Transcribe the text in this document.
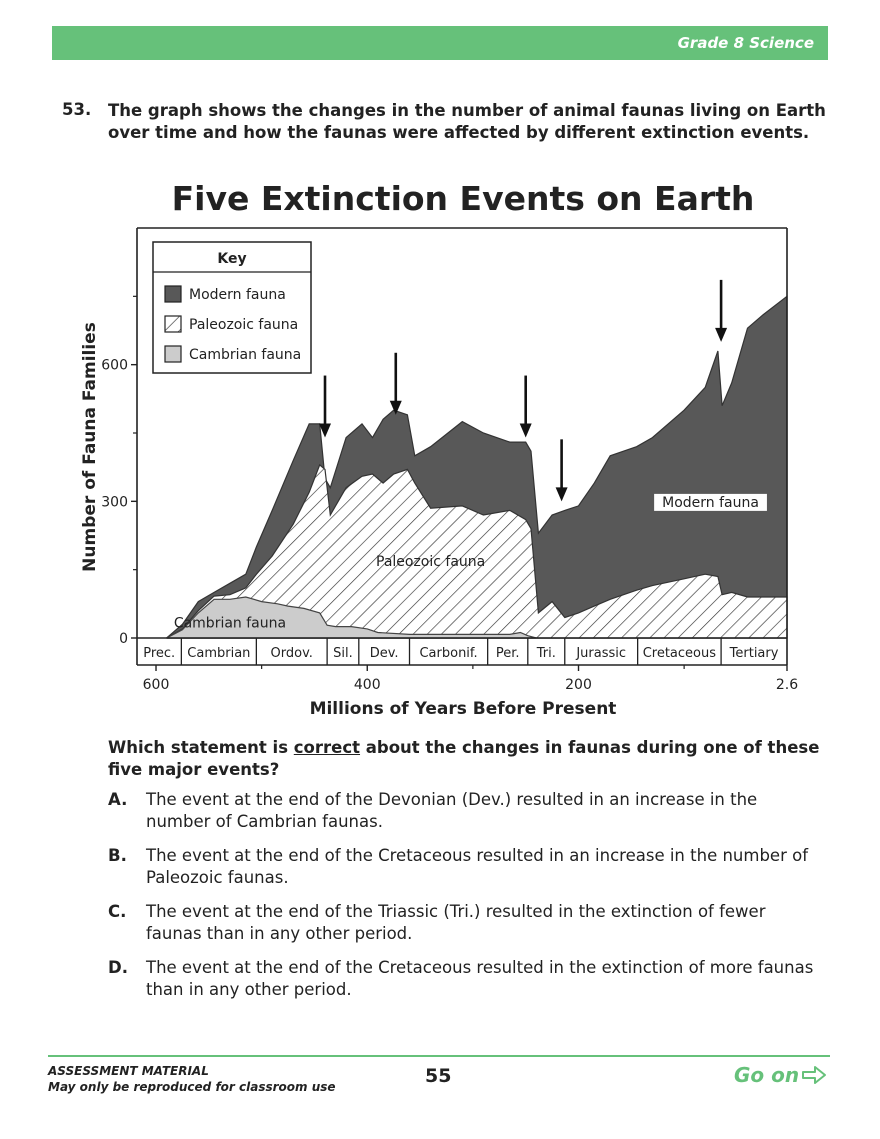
Grade 8 Science
53. The graph shows the changes in the number of animal faunas living on Earth over time and how the faunas were affected by different extinction events.
Five Extinction Events on Earth
0
300
600
600	400	200	2.6
Prec. Cambrian Ordov. Sil. Dev. Carbonif. Per. Tri. Jurassic Cretaceous Tertiary
Key
Modern fauna
Paleozoic fauna
Cambrian fauna
Cambrian fauna
Paleozoic fauna
Modern fauna
Number of Fauna Families
Millions of Years Before Present
Which statement is correct about the changes in faunas during one of these five major events?
A. The event at the end of the Devonian (Dev.) resulted in an increase in the number of Cambrian faunas.
B. The event at the end of the Cretaceous resulted in an increase in the number of Paleozoic faunas.
C. The event at the end of the Triassic (Tri.) resulted in the extinction of fewer faunas than in any other period.
D. The event at the end of the Cretaceous resulted in the extinction of more faunas than in any other period.
ASSESSMENT MATERIAL
May only be reproduced for classroom use	55	Go on
